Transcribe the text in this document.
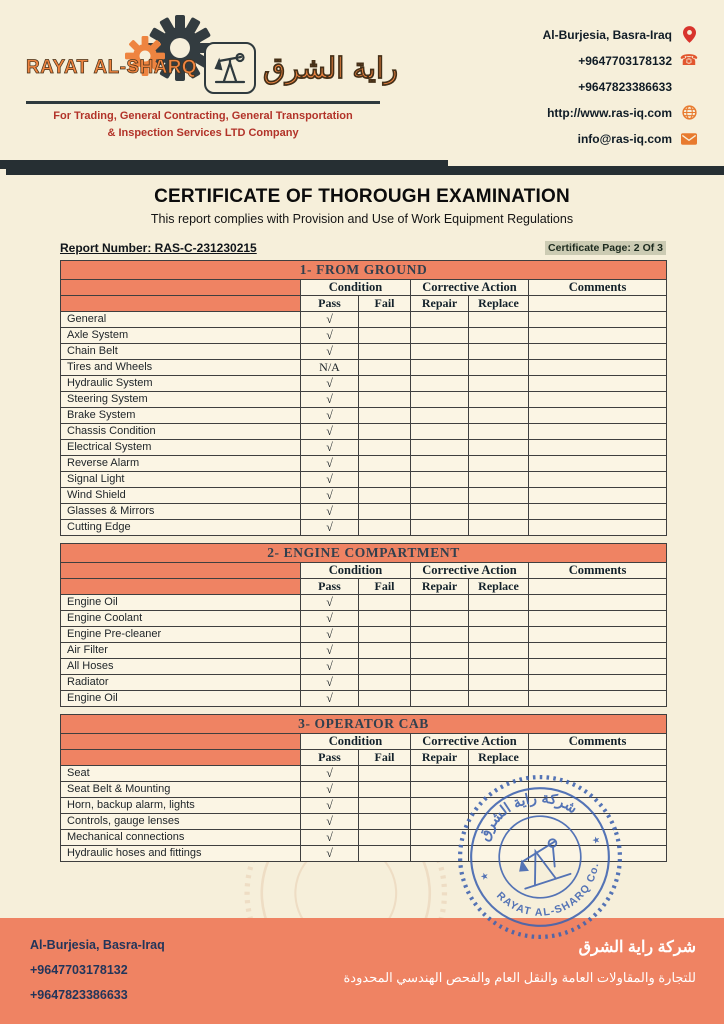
RAYAT AL-SHARQ راية الشرق
For Trading, General Contracting, General Transportation
& Inspection Services LTD Company
Al-Burjesia, Basra-Iraq
+9647703178132 ☎
+9647823386633
http://www.ras-iq.com
info@ras-iq.com
CERTIFICATE OF THOROUGH EXAMINATION
This report complies with Provision and Use of Work Equipment Regulations
Report Number: RAS-C-231230215	Certificate Page: 2 Of 3
1- FROM GROUND					
	Condition		Corrective Action		Comments
	Pass	Fail	Repair	Replace	
General	√				
Axle System	√				
Chain Belt	√				
Tires and Wheels	N/A				
Hydraulic System	√				
Steering System	√				
Brake System	√				
Chassis Condition	√				
Electrical System	√				
Reverse Alarm	√				
Signal Light	√				
Wind Shield	√				
Glasses & Mirrors	√				
Cutting Edge	√				
2- ENGINE COMPARTMENT					
	Condition		Corrective Action		Comments
	Pass	Fail	Repair	Replace	
Engine Oil	√				
Engine Coolant	√				
Engine Pre-cleaner	√				
Air Filter	√				
All Hoses	√				
Radiator	√				
Engine Oil	√				
3- OPERATOR CAB					
	Condition		Corrective Action		Comments
	Pass	Fail	Repair	Replace	
Seat	√				
Seat Belt & Mounting	√				
Horn, backup alarm, lights	√				
Controls, gauge lenses	√				
Mechanical connections	√				
Hydraulic hoses and fittings	√				
شركة راية الشرق
RAYAT AL-SHARQ Co.
★
★
Al-Burjesia, Basra-Iraq
+9647703178132
+9647823386633
شركة راية الشرق
للتجارة والمقاولات العامة والنقل العام والفحص الهندسي المحدودة
